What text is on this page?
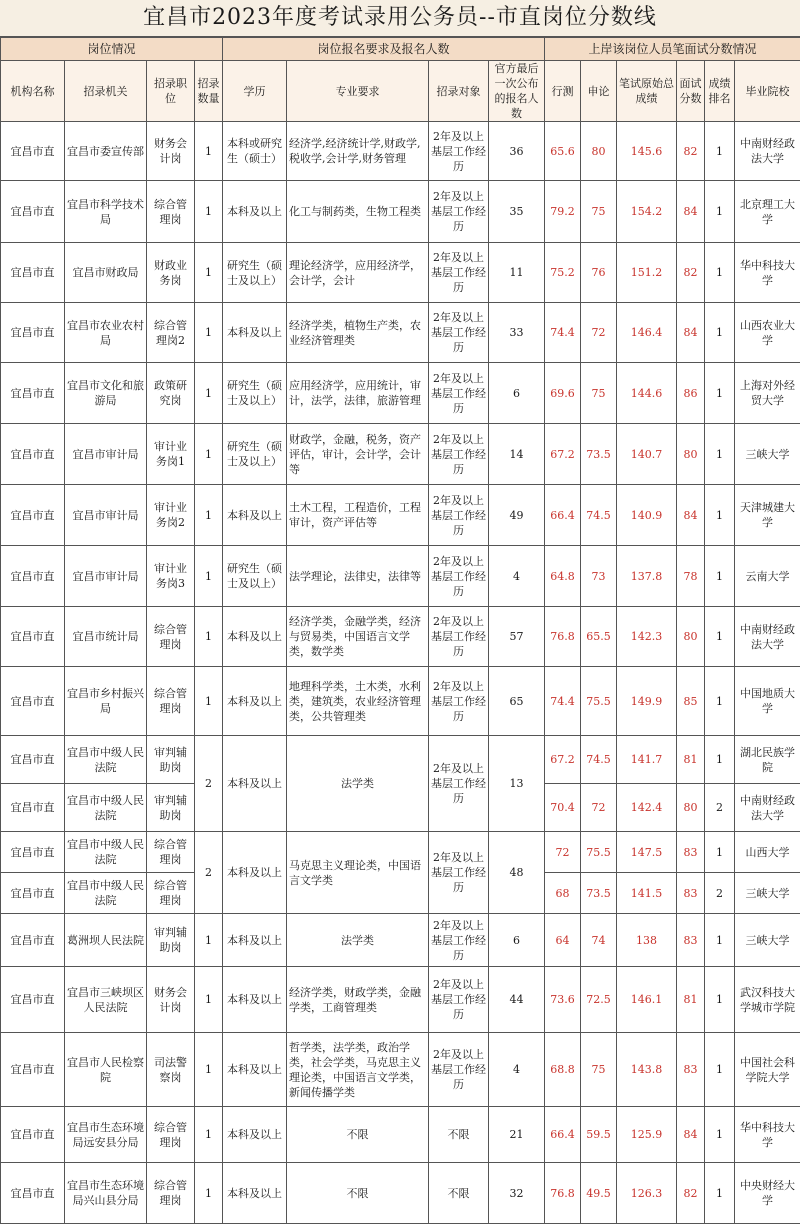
宜昌市2023年度考试录用公务员--市直岗位分数线
岗位情况				岗位报名要求及报名人数				上岸该岗位人员笔面试分数情况					
机构名称	招录机关	招录职位	招录数量	学历	专业要求	招录对象	官方最后一次公布的报名人数	行测	申论	笔试原始总成绩	面试分数	成绩排名	毕业院校
宜昌市直	宜昌市委宣传部	财务会计岗	1	本科或研究生（硕士）	经济学,经济统计学,财政学,税收学,会计学,财务管理	2年及以上基层工作经历	36	65.6	80	145.6	82	1	中南财经政法大学
宜昌市直	宜昌市科学技术局	综合管理岗	1	本科及以上	化工与制药类，生物工程类	2年及以上基层工作经历	35	79.2	75	154.2	84	1	北京理工大学
宜昌市直	宜昌市财政局	财政业务岗	1	研究生（硕士及以上）	理论经济学，应用经济学，会计学，会计	2年及以上基层工作经历	11	75.2	76	151.2	82	1	华中科技大学
宜昌市直	宜昌市农业农村局	综合管理岗2	1	本科及以上	经济学类，植物生产类，农业经济管理类	2年及以上基层工作经历	33	74.4	72	146.4	84	1	山西农业大学
宜昌市直	宜昌市文化和旅游局	政策研究岗	1	研究生（硕士及以上）	应用经济学，应用统计，审计，法学，法律，旅游管理	2年及以上基层工作经历	6	69.6	75	144.6	86	1	上海对外经贸大学
宜昌市直	宜昌市审计局	审计业务岗1	1	研究生（硕士及以上）	财政学，金融，税务，资产评估，审计，会计学，会计等	2年及以上基层工作经历	14	67.2	73.5	140.7	80	1	三峡大学
宜昌市直	宜昌市审计局	审计业务岗2	1	本科及以上	土木工程，工程造价，工程审计，资产评估等	2年及以上基层工作经历	49	66.4	74.5	140.9	84	1	天津城建大学
宜昌市直	宜昌市审计局	审计业务岗3	1	研究生（硕士及以上）	法学理论，法律史，法律等	2年及以上基层工作经历	4	64.8	73	137.8	78	1	云南大学
宜昌市直	宜昌市统计局	综合管理岗	1	本科及以上	经济学类，金融学类，经济与贸易类，中国语言文学类，数学类	2年及以上基层工作经历	57	76.8	65.5	142.3	80	1	中南财经政法大学
宜昌市直	宜昌市乡村振兴局	综合管理岗	1	本科及以上	地理科学类，土木类，水利类，建筑类，农业经济管理类，公共管理类	2年及以上基层工作经历	65	74.4	75.5	149.9	85	1	中国地质大学
宜昌市直	宜昌市中级人民法院	审判辅助岗	2	本科及以上	法学类	2年及以上基层工作经历	13	67.2	74.5	141.7	81	1	湖北民族学院
宜昌市直	宜昌市中级人民法院	审判辅助岗						70.4	72	142.4	80	2	中南财经政法大学
宜昌市直	宜昌市中级人民法院	综合管理岗	2	本科及以上	马克思主义理论类，中国语言文学类	2年及以上基层工作经历	48	72	75.5	147.5	83	1	山西大学
宜昌市直	宜昌市中级人民法院	综合管理岗						68	73.5	141.5	83	2	三峡大学
宜昌市直	葛洲坝人民法院	审判辅助岗	1	本科及以上	法学类	2年及以上基层工作经历	6	64	74	138	83	1	三峡大学
宜昌市直	宜昌市三峡坝区人民法院	财务会计岗	1	本科及以上	经济学类，财政学类，金融学类，工商管理类	2年及以上基层工作经历	44	73.6	72.5	146.1	81	1	武汉科技大学城市学院
宜昌市直	宜昌市人民检察院	司法警察岗	1	本科及以上	哲学类，法学类，政治学类，社会学类，马克思主义理论类，中国语言文学类，新闻传播学类	2年及以上基层工作经历	4	68.8	75	143.8	83	1	中国社会科学院大学
宜昌市直	宜昌市生态环境局远安县分局	综合管理岗	1	本科及以上	不限	不限	21	66.4	59.5	125.9	84	1	华中科技大学
宜昌市直	宜昌市生态环境局兴山县分局	综合管理岗	1	本科及以上	不限	不限	32	76.8	49.5	126.3	82	1	中央财经大学
